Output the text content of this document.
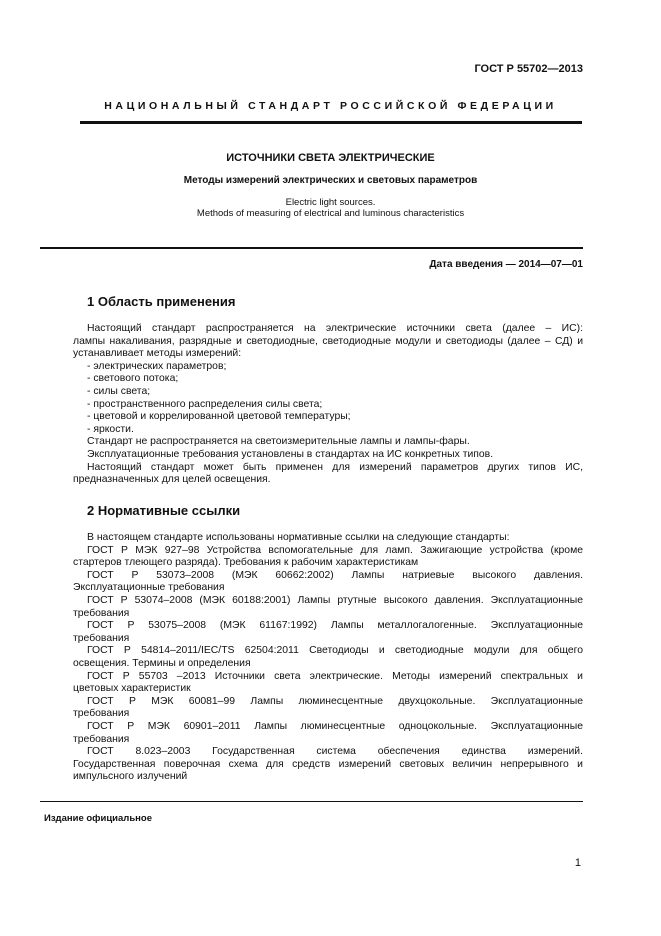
ГОСТ Р 55702—2013
НАЦИОНАЛЬНЫЙ СТАНДАРТ РОССИЙСКОЙ ФЕДЕРАЦИИ
ИСТОЧНИКИ СВЕТА ЭЛЕКТРИЧЕСКИЕ
Методы измерений электрических и световых параметров
Electric light sources.
Methods of measuring of electrical and luminous characteristics
Дата введения — 2014—07—01
1 Область применения

Настоящий стандарт распространяется на электрические источники света (далее – ИС):

лампы накаливания, разрядные и светодиодные, светодиодные модули и светодиоды (далее – СД) и

устанавливает методы измерений:

- электрических параметров;

- светового потока;

- силы света;

- пространственного распределения силы света;

- цветовой и коррелированной цветовой температуры;

- яркости.

Стандарт не распространяется на светоизмерительные лампы и лампы-фары.

Эксплуатационные требования установлены в стандартах на ИС конкретных типов.

Настоящий стандарт может быть применен для измерений параметров других типов ИС,

предназначенных для целей освещения.

2 Нормативные ссылки

В настоящем стандарте использованы нормативные ссылки на следующие стандарты:

ГОСТ Р МЭК 927–98 Устройства вспомогательные для ламп. Зажигающие устройства (кроме

стартеров тлеющего разряда). Требования к рабочим характеристикам

ГОСТ Р 53073–2008 (МЭК 60662:2002) Лампы натриевые высокого давления.

Эксплуатационные требования

ГОСТ Р 53074–2008 (МЭК 60188:2001) Лампы ртутные высокого давления. Эксплуатационные

требования

ГОСТ Р 53075–2008 (МЭК 61167:1992) Лампы металлогалогенные. Эксплуатационные

требования

ГОСТ Р 54814–2011/IEC/TS 62504:2011 Светодиоды и светодиодные модули для общего

освещения. Термины и определения

ГОСТ Р 55703 –2013 Источники света электрические. Методы измерений спектральных и

цветовых характеристик

ГОСТ Р МЭК 60081–99 Лампы люминесцентные двухцокольные. Эксплуатационные

требования

ГОСТ Р МЭК 60901–2011 Лампы люминесцентные одноцокольные. Эксплуатационные

требования

ГОСТ 8.023–2003 Государственная система обеспечения единства измерений.

Государственная поверочная схема для средств измерений световых величин непрерывного и

импульсного излучений

Издание официальное
1
